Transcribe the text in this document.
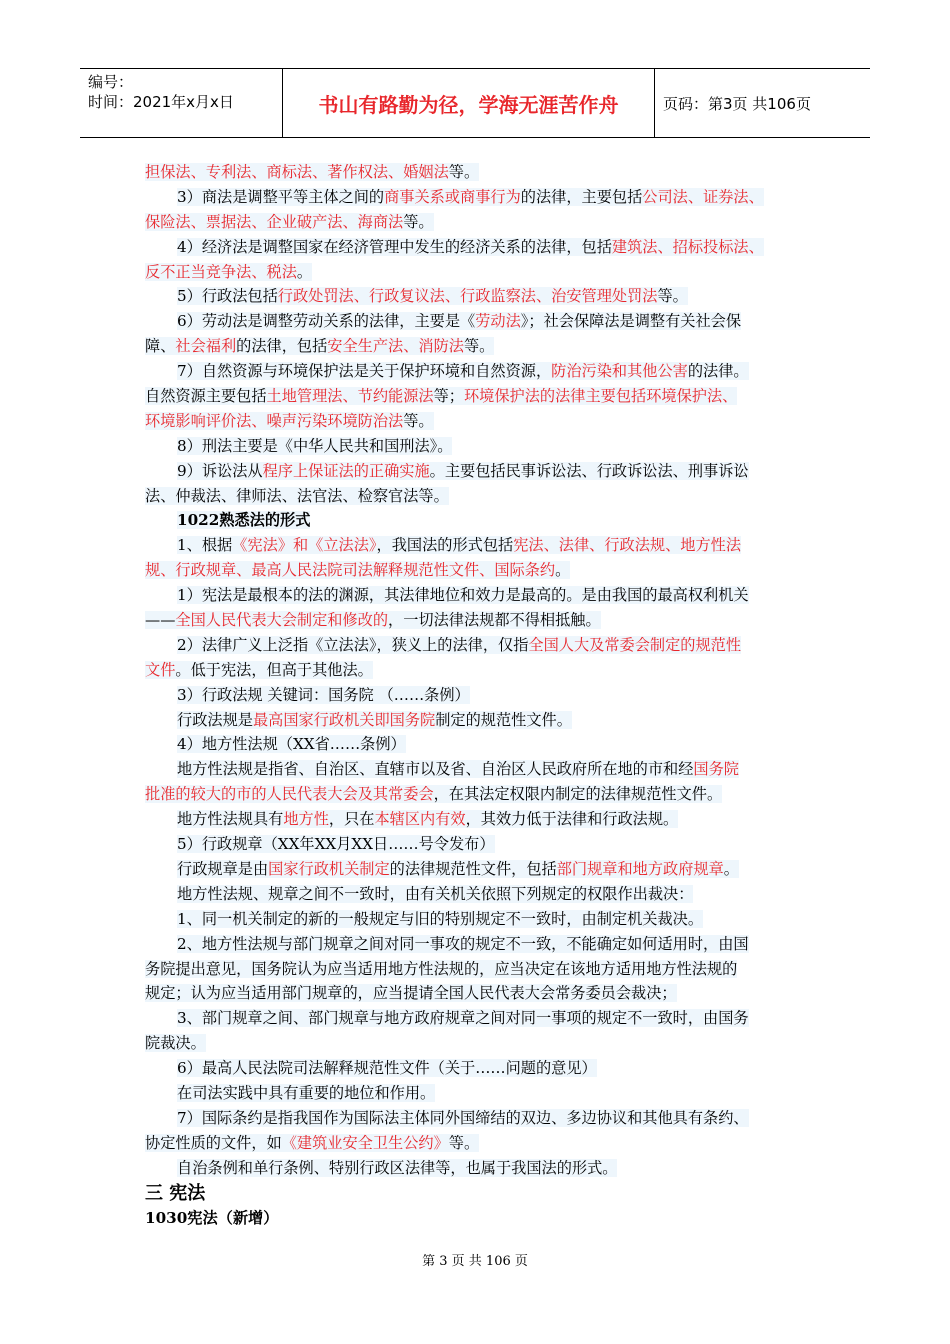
编号：
时间：2021年x月x日	书山有路勤为径，学海无涯苦作舟	页码：第3页 共106页
担保法、专利法、商标法、著作权法、婚姻法等。
3）商法是调整平等主体之间的商事关系或商事行为的法律，主要包括公司法、证券法、
保险法、票据法、企业破产法、海商法等。
4）经济法是调整国家在经济管理中发生的经济关系的法律，包括建筑法、招标投标法、
反不正当竞争法、税法。
5）行政法包括行政处罚法、行政复议法、行政监察法、治安管理处罚法等。
6）劳动法是调整劳动关系的法律，主要是《劳动法》；社会保障法是调整有关社会保
障、社会福利的法律，包括安全生产法、消防法等。
7）自然资源与环境保护法是关于保护环境和自然资源，防治污染和其他公害的法律。
自然资源主要包括土地管理法、节约能源法等；环境保护法的法律主要包括环境保护法、
环境影响评价法、噪声污染环境防治法等。
8）刑法主要是《中华人民共和国刑法》。
9）诉讼法从程序上保证法的正确实施。主要包括民事诉讼法、行政诉讼法、刑事诉讼
法、仲裁法、律师法、法官法、检察官法等。
1022熟悉法的形式
1、根据《宪法》和《立法法》，我国法的形式包括宪法、法律、行政法规、地方性法
规、行政规章、最高人民法院司法解释规范性文件、国际条约。
1）宪法是最根本的法的渊源，其法律地位和效力是最高的。是由我国的最高权利机关
——全国人民代表大会制定和修改的，一切法律法规都不得相抵触。
2）法律广义上泛指《立法法》，狭义上的法律，仅指全国人大及常委会制定的规范性
文件。低于宪法，但高于其他法。
3）行政法规 关键词：国务院 （……条例）
行政法规是最高国家行政机关即国务院制定的规范性文件。
4）地方性法规（XX省……条例）
地方性法规是指省、自治区、直辖市以及省、自治区人民政府所在地的市和经国务院
批准的较大的市的人民代表大会及其常委会，在其法定权限内制定的法律规范性文件。
地方性法规具有地方性，只在本辖区内有效，其效力低于法律和行政法规。
5）行政规章（XX年XX月XX日……号令发布）
行政规章是由国家行政机关制定的法律规范性文件，包括部门规章和地方政府规章。
地方性法规、规章之间不一致时，由有关机关依照下列规定的权限作出裁决：
1、同一机关制定的新的一般规定与旧的特别规定不一致时，由制定机关裁决。
2、地方性法规与部门规章之间对同一事攻的规定不一致，不能确定如何适用时，由国
务院提出意见，国务院认为应当适用地方性法规的，应当决定在该地方适用地方性法规的
规定；认为应当适用部门规章的，应当提请全国人民代表大会常务委员会裁决；
3、部门规章之间、部门规章与地方政府规章之间对同一事项的规定不一致时，由国务
院裁决。
6）最高人民法院司法解释规范性文件（关于……问题的意见）
在司法实践中具有重要的地位和作用。
7）国际条约是指我国作为国际法主体同外国缔结的双边、多边协议和其他具有条约、
协定性质的文件，如《建筑业安全卫生公约》等。
自治条例和单行条例、特别行政区法律等，也属于我国法的形式。
三 宪法
1030宪法（新增）
第 3 页 共 106 页
